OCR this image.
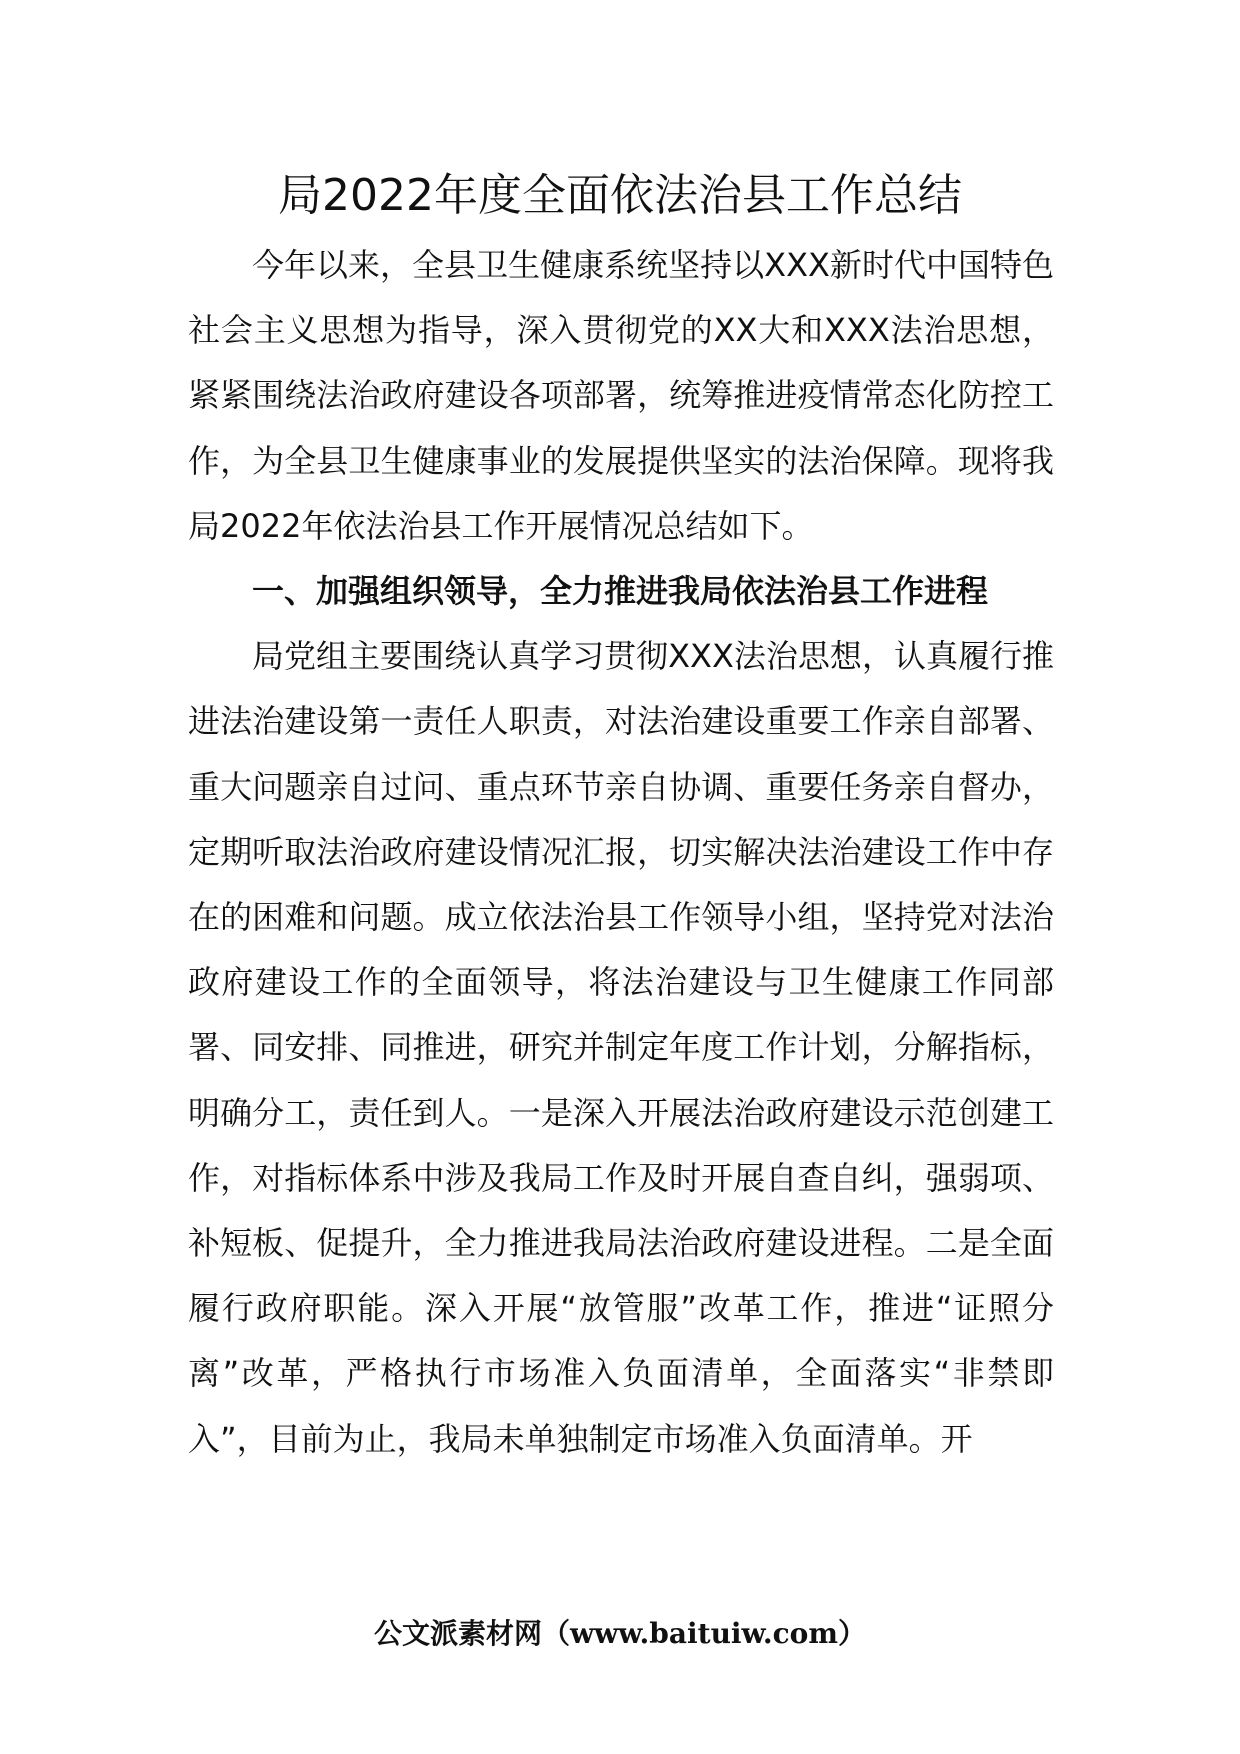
局2022年度全面依法治县工作总结

今年以来，全县卫生健康系统坚持以XXX新时代中国特色社会主义思想为指导，深入贯彻党的XX大和XXX法治思想，紧紧围绕法治政府建设各项部署，统筹推进疫情常态化防控工作，为全县卫生健康事业的发展提供坚实的法治保障。现将我局2022年依法治县工作开展情况总结如下。

一、加强组织领导，全力推进我局依法治县工作进程

局党组主要围绕认真学习贯彻XXX法治思想，认真履行推进法治建设第一责任人职责，对法治建设重要工作亲自部署、重大问题亲自过问、重点环节亲自协调、重要任务亲自督办，定期听取法治政府建设情况汇报，切实解决法治建设工作中存在的困难和问题。成立依法治县工作领导小组，坚持党对法治政府建设工作的全面领导，将法治建设与卫生健康工作同部署、同安排、同推进，研究并制定年度工作计划，分解指标，明确分工，责任到人。一是深入开展法治政府建设示范创建工作，对指标体系中涉及我局工作及时开展自查自纠，强弱项、补短板、促提升，全力推进我局法治政府建设进程。二是全面履行政府职能。深入开展“放管服”改革工作，推进“证照分离”改革，严格执行市场准入负面清单，全面落实“非禁即入”，目前为止，我局未单独制定市场准入负面清单。开

公文派素材网（www.baituiw.com）
